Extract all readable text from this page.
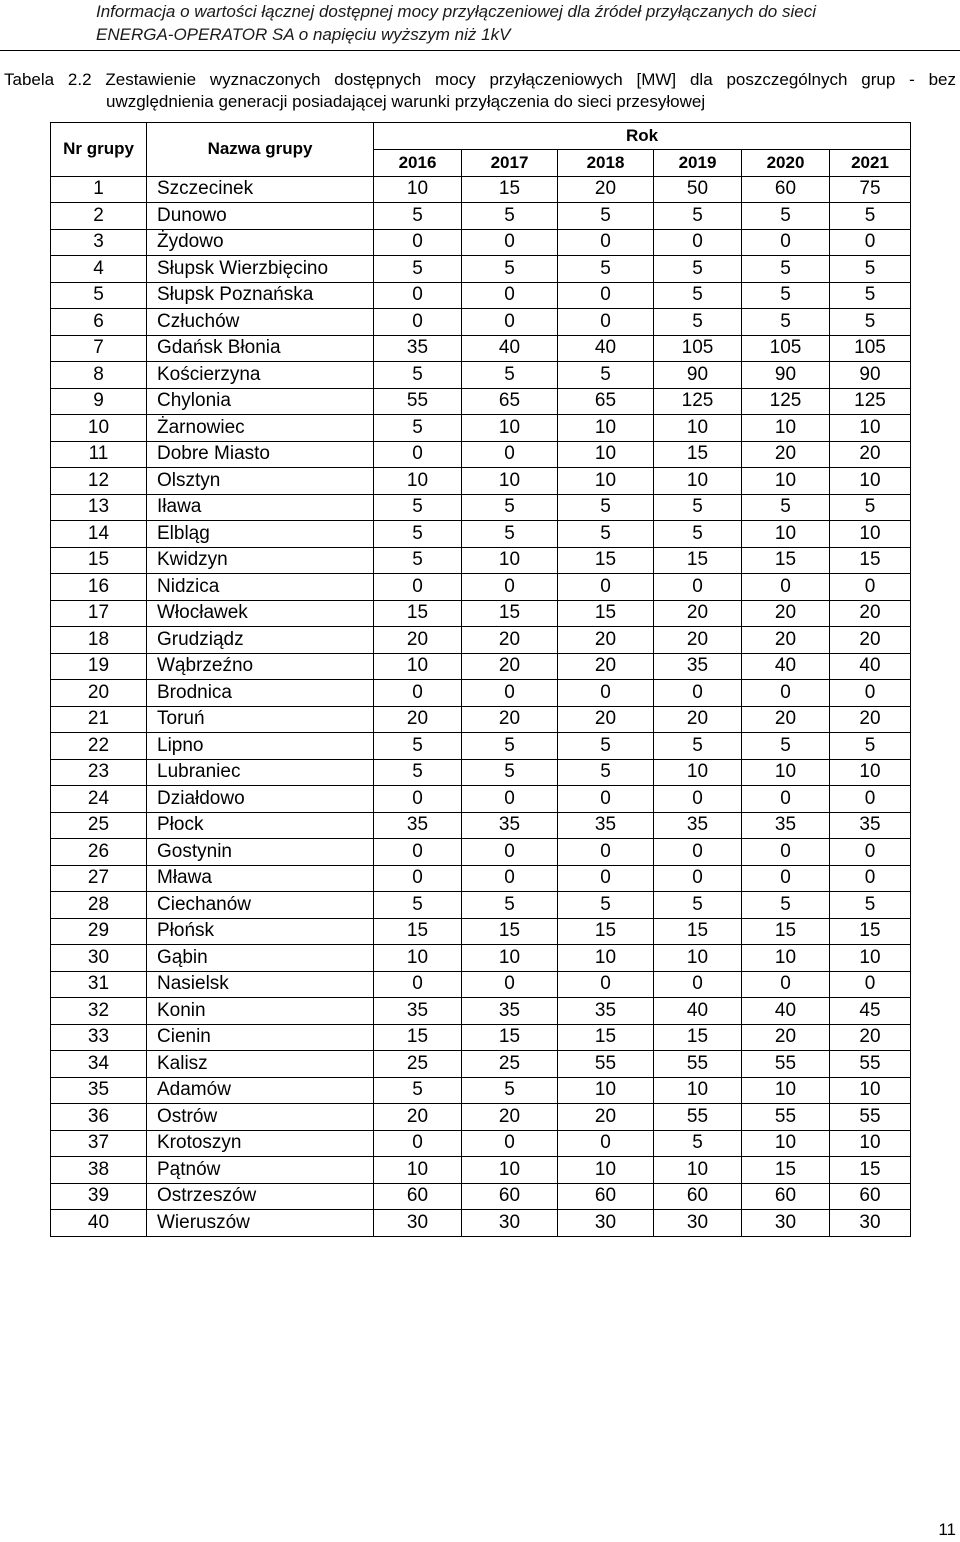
Informacja o wartości łącznej dostępnej mocy przyłączeniowej dla źródeł przyłączanych do sieci
ENERGA-OPERATOR SA o napięciu wyższym niż 1kV
Tabela 2.2 Zestawienie wyznaczonych dostępnych mocy przyłączeniowych [MW] dla poszczególnych grup - bez
uwzględnienia generacji posiadającej warunki przyłączenia do sieci przesyłowej
Nr grupy	Nazwa grupy	Rok					
		2016	2017	2018	2019	2020	2021
1	Szczecinek	10	15	20	50	60	75
2	Dunowo	5	5	5	5	5	5
3	Żydowo	0	0	0	0	0	0
4	Słupsk Wierzbięcino	5	5	5	5	5	5
5	Słupsk Poznańska	0	0	0	5	5	5
6	Człuchów	0	0	0	5	5	5
7	Gdańsk Błonia	35	40	40	105	105	105
8	Kościerzyna	5	5	5	90	90	90
9	Chylonia	55	65	65	125	125	125
10	Żarnowiec	5	10	10	10	10	10
11	Dobre Miasto	0	0	10	15	20	20
12	Olsztyn	10	10	10	10	10	10
13	Iława	5	5	5	5	5	5
14	Elbląg	5	5	5	5	10	10
15	Kwidzyn	5	10	15	15	15	15
16	Nidzica	0	0	0	0	0	0
17	Włocławek	15	15	15	20	20	20
18	Grudziądz	20	20	20	20	20	20
19	Wąbrzeźno	10	20	20	35	40	40
20	Brodnica	0	0	0	0	0	0
21	Toruń	20	20	20	20	20	20
22	Lipno	5	5	5	5	5	5
23	Lubraniec	5	5	5	10	10	10
24	Działdowo	0	0	0	0	0	0
25	Płock	35	35	35	35	35	35
26	Gostynin	0	0	0	0	0	0
27	Mława	0	0	0	0	0	0
28	Ciechanów	5	5	5	5	5	5
29	Płońsk	15	15	15	15	15	15
30	Gąbin	10	10	10	10	10	10
31	Nasielsk	0	0	0	0	0	0
32	Konin	35	35	35	40	40	45
33	Cienin	15	15	15	15	20	20
34	Kalisz	25	25	55	55	55	55
35	Adamów	5	5	10	10	10	10
36	Ostrów	20	20	20	55	55	55
37	Krotoszyn	0	0	0	5	10	10
38	Pątnów	10	10	10	10	15	15
39	Ostrzeszów	60	60	60	60	60	60
40	Wieruszów	30	30	30	30	30	30
11
